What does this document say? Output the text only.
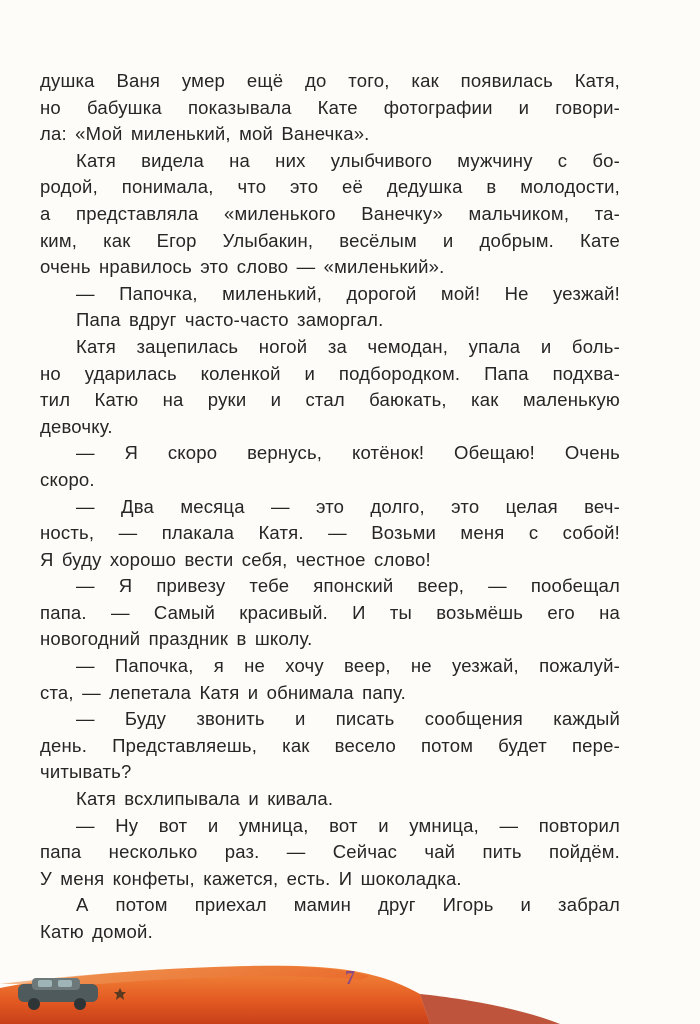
душка Ваня умер ещё до того, как появилась Катя,
но бабушка показывала Кате фотографии и говори-
ла: «Мой миленький, мой Ванечка».
Катя видела на них улыбчивого мужчину с бо-
родой, понимала, что это её дедушка в молодости,
а представляла «миленького Ванечку» мальчиком, та-
ким, как Егор Улыбакин, весёлым и добрым. Кате
очень нравилось это слово — «миленький».
— Папочка, миленький, дорогой мой! Не уезжай!
Папа вдруг часто-часто заморгал.
Катя зацепилась ногой за чемодан, упала и боль-
но ударилась коленкой и подбородком. Папа подхва-
тил Катю на руки и стал баюкать, как маленькую
девочку.
— Я скоро вернусь, котёнок! Обещаю! Очень
скоро.
— Два месяца — это долго, это целая веч-
ность, — плакала Катя. — Возьми меня с собой!
Я буду хорошо вести себя, честное слово!
— Я привезу тебе японский веер, — пообещал
папа. — Самый красивый. И ты возьмёшь его на
новогодний праздник в школу.
— Папочка, я не хочу веер, не уезжай, пожалуй-
ста, — лепетала Катя и обнимала папу.
— Буду звонить и писать сообщения каждый
день. Представляешь, как весело потом будет пере-
читывать?
Катя всхлипывала и кивала.
— Ну вот и умница, вот и умница, — повторил
папа несколько раз. — Сейчас чай пить пойдём.
У меня конфеты, кажется, есть. И шоколадка.
А потом приехал мамин друг Игорь и забрал
Катю домой.
7
